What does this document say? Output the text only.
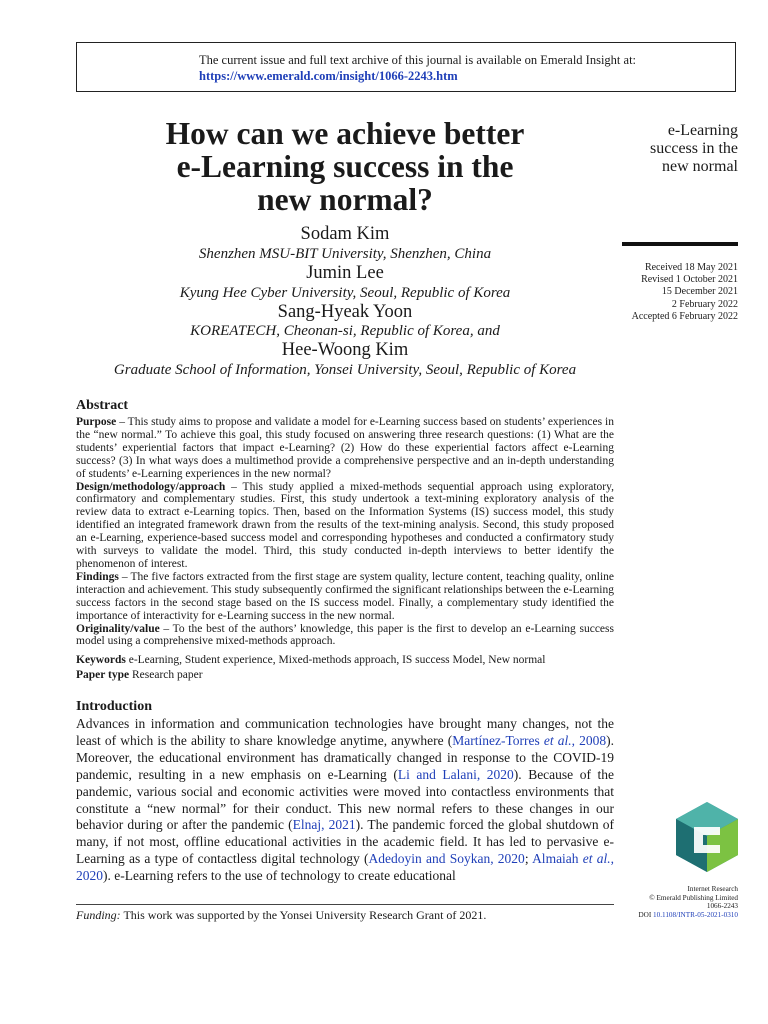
The current issue and full text archive of this journal is available on Emerald Insight at:
https://www.emerald.com/insight/1066-2243.htm
How can we achieve better
e-Learning success in the
new normal?
Sodam Kim
Shenzhen MSU-BIT University, Shenzhen, China
Jumin Lee
Kyung Hee Cyber University, Seoul, Republic of Korea
Sang-Hyeak Yoon
KOREATECH, Cheonan-si, Republic of Korea, and
Hee-Woong Kim
Graduate School of Information, Yonsei University, Seoul, Republic of Korea
e-Learning
success in the
new normal
Received 18 May 2021
Revised 1 October 2021
15 December 2021
2 February 2022
Accepted 6 February 2022
Abstract

Purpose – This study aims to propose and validate a model for e-Learning success based on students’ experiences in the “new normal.” To achieve this goal, this study focused on answering three research questions: (1) What are the students’ experiential factors that impact e-Learning? (2) How do these experiential factors affect e-Learning success? (3) In what ways does a multimethod provide a comprehensive perspective and an in-depth understanding of students’ e-Learning experiences in the new normal?

Design/methodology/approach – This study applied a mixed-methods sequential approach using exploratory, confirmatory and complementary studies. First, this study undertook a text-mining exploratory analysis of the review data to extract e-Learning topics. Then, based on the Information Systems (IS) success model, this study identified an integrated framework drawn from the results of the text-mining analysis. Second, this study proposed an e-Learning, experience-based success model and corresponding hypotheses and conducted a confirmatory study with surveys to validate the model. Third, this study conducted in-depth interviews to better identify the phenomenon of interest.

Findings – The five factors extracted from the first stage are system quality, lecture content, teaching quality, online interaction and achievement. This study subsequently confirmed the significant relationships between the e-Learning success factors in the second stage based on the IS success model. Finally, a complementary study identified the importance of interactivity for e-Learning success in the new normal.

Originality/value – To the best of the authors’ knowledge, this paper is the first to develop an e-Learning success model using a comprehensive mixed-methods approach.

Keywords e-Learning, Student experience, Mixed-methods approach, IS success Model, New normal

Paper type Research paper

Introduction

Advances in information and communication technologies have brought many changes, not the least of which is the ability to share knowledge anytime, anywhere (Martínez-Torres et al., 2008). Moreover, the educational environment has dramatically changed in response to the COVID-19 pandemic, resulting in a new emphasis on e-Learning (Li and Lalani, 2020). Because of the pandemic, various social and economic activities were moved into contactless environments that constitute a “new normal” for their conduct. This new normal refers to these changes in our behavior during or after the pandemic (Elnaj, 2021). The pandemic forced the global shutdown of many, if not most, offline educational activities in the academic field. It has led to pervasive e-Learning as a type of contactless digital technology (Adedoyin and Soykan, 2020; Almaiah et al., 2020). e-Learning refers to the use of technology to create educational

Funding: This work was supported by the Yonsei University Research Grant of 2021.
Internet Research
© Emerald Publishing Limited
1066-2243
DOI 10.1108/INTR-05-2021-0310
